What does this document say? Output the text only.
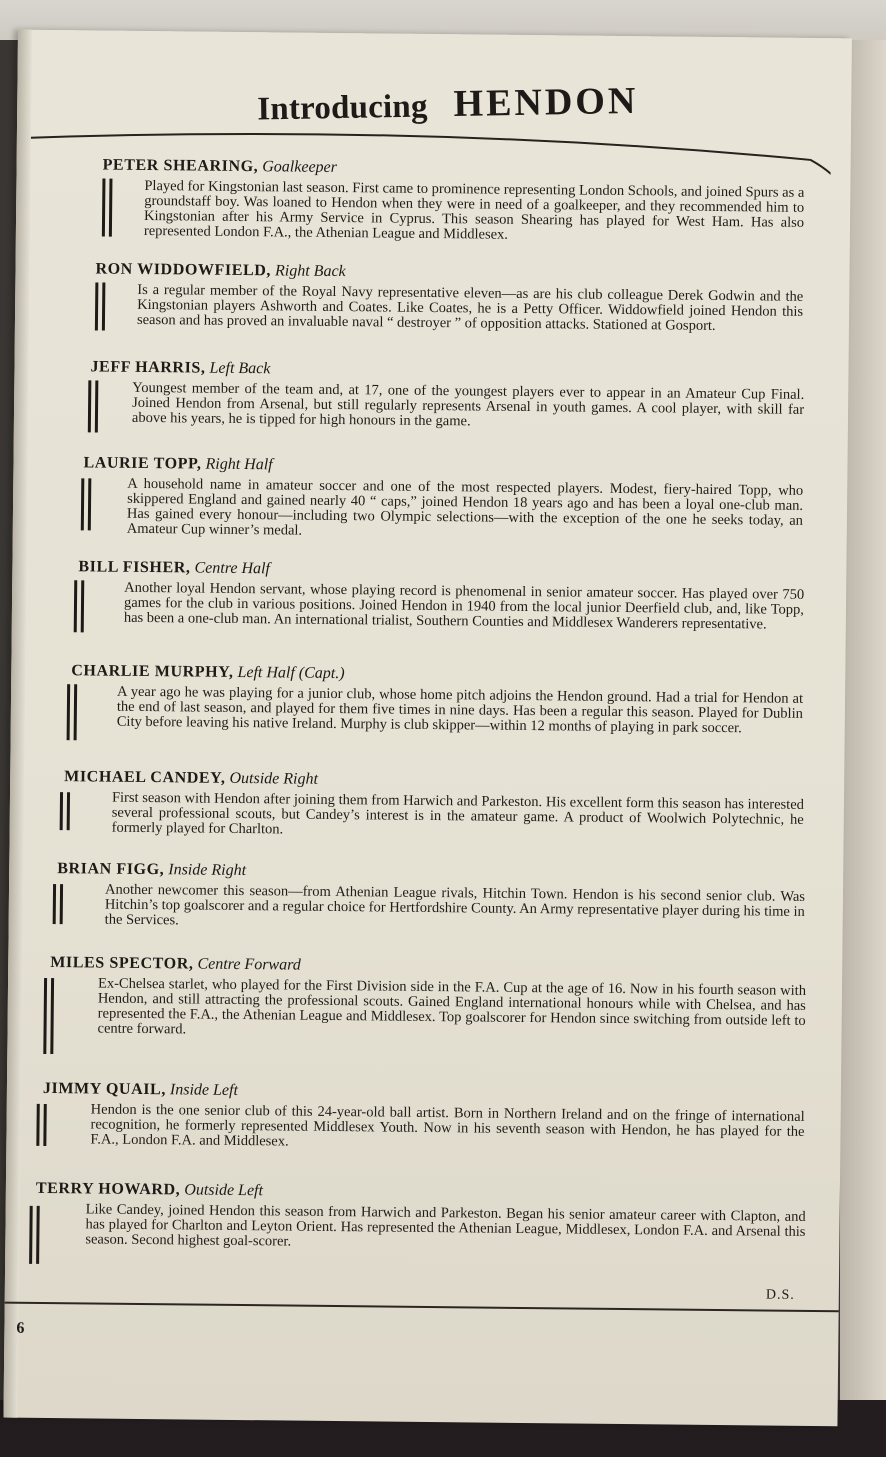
Introducing HENDON
PETER SHEARING, Goalkeeper
Played for Kingstonian last season. First came to prominence representing London Schools, and joined Spurs as a groundstaff boy. Was loaned to Hendon when they were in need of a goalkeeper, and they recommended him to Kingstonian after his Army Service in Cyprus. This season Shearing has played for West Ham. Has also represented London F.A., the Athenian League and Middlesex.
RON WIDDOWFIELD, Right Back
Is a regular member of the Royal Navy representative eleven—as are his club colleague Derek Godwin and the Kingstonian players Ashworth and Coates. Like Coates, he is a Petty Officer. Widdowfield joined Hendon this season and has proved an invaluable naval “ destroyer ” of opposition attacks. Stationed at Gosport.
JEFF HARRIS, Left Back
Youngest member of the team and, at 17, one of the youngest players ever to appear in an Amateur Cup Final. Joined Hendon from Arsenal, but still regularly represents Arsenal in youth games. A cool player, with skill far above his years, he is tipped for high honours in the game.
LAURIE TOPP, Right Half
A household name in amateur soccer and one of the most respected players. Modest, fiery-haired Topp, who skippered England and gained nearly 40 “ caps,” joined Hendon 18 years ago and has been a loyal one-club man. Has gained every honour—including two Olympic selections—with the exception of the one he seeks today, an Amateur Cup winner’s medal.
BILL FISHER, Centre Half
Another loyal Hendon servant, whose playing record is phenomenal in senior amateur soccer. Has played over 750 games for the club in various positions. Joined Hendon in 1940 from the local junior Deerfield club, and, like Topp, has been a one-club man. An international trialist, Southern Counties and Middlesex Wanderers representative.
CHARLIE MURPHY, Left Half (Capt.)
A year ago he was playing for a junior club, whose home pitch adjoins the Hendon ground. Had a trial for Hendon at the end of last season, and played for them five times in nine days. Has been a regular this season. Played for Dublin City before leaving his native Ireland. Murphy is club skipper—within 12 months of playing in park soccer.
MICHAEL CANDEY, Outside Right
First season with Hendon after joining them from Harwich and Parkeston. His excellent form this season has interested several professional scouts, but Candey’s interest is in the amateur game. A product of Woolwich Polytechnic, he formerly played for Charlton.
BRIAN FIGG, Inside Right
Another newcomer this season—from Athenian League rivals, Hitchin Town. Hendon is his second senior club. Was Hitchin’s top goalscorer and a regular choice for Hertfordshire County. An Army representative player during his time in the Services.
MILES SPECTOR, Centre Forward
Ex-Chelsea starlet, who played for the First Division side in the F.A. Cup at the age of 16. Now in his fourth season with Hendon, and still attracting the professional scouts. Gained England international honours while with Chelsea, and has represented the F.A., the Athenian League and Middlesex. Top goalscorer for Hendon since switching from outside left to centre forward.
JIMMY QUAIL, Inside Left
Hendon is the one senior club of this 24-year-old ball artist. Born in Northern Ireland and on the fringe of international recognition, he formerly represented Middlesex Youth. Now in his seventh season with Hendon, he has played for the F.A., London F.A. and Middlesex.
TERRY HOWARD, Outside Left
Like Candey, joined Hendon this season from Harwich and Parkeston. Began his senior amateur career with Clapton, and has played for Charlton and Leyton Orient. Has represented the Athenian League, Middlesex, London F.A. and Arsenal this season. Second highest goal-scorer.
D.S.
6
